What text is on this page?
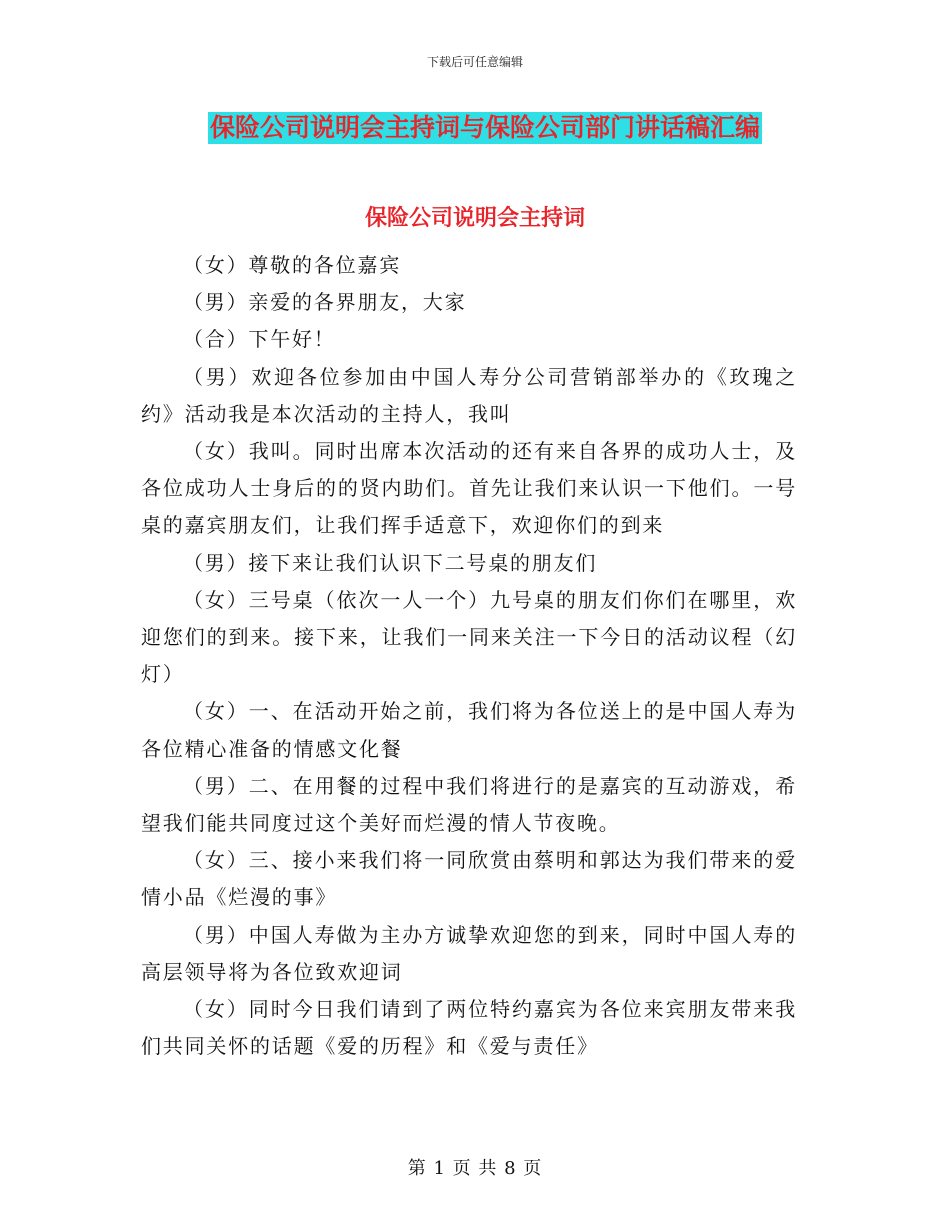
下载后可任意编辑
保险公司说明会主持词与保险公司部门讲话稿汇编
保险公司说明会主持词

（女）尊敬的各位嘉宾

（男）亲爱的各界朋友，大家

（合）下午好！

（男）欢迎各位参加由中国人寿分公司营销部举办的《玫瑰之约》活动我是本次活动的主持人，我叫

（女）我叫。同时出席本次活动的还有来自各界的成功人士，及各位成功人士身后的的贤内助们。首先让我们来认识一下他们。一号桌的嘉宾朋友们，让我们挥手适意下，欢迎你们的到来

（男）接下来让我们认识下二号桌的朋友们

（女）三号桌（依次一人一个）九号桌的朋友们你们在哪里，欢迎您们的到来。接下来，让我们一同来关注一下今日的活动议程（幻灯）

（女）一、在活动开始之前，我们将为各位送上的是中国人寿为各位精心准备的情感文化餐

（男）二、在用餐的过程中我们将进行的是嘉宾的互动游戏，希望我们能共同度过这个美好而烂漫的情人节夜晚。

（女）三、接小来我们将一同欣赏由蔡明和郭达为我们带来的爱情小品《烂漫的事》

（男）中国人寿做为主办方诚挚欢迎您的到来，同时中国人寿的高层领导将为各位致欢迎词

（女）同时今日我们请到了两位特约嘉宾为各位来宾朋友带来我们共同关怀的话题《爱的历程》和《爱与责任》

第 1 页 共 8 页
